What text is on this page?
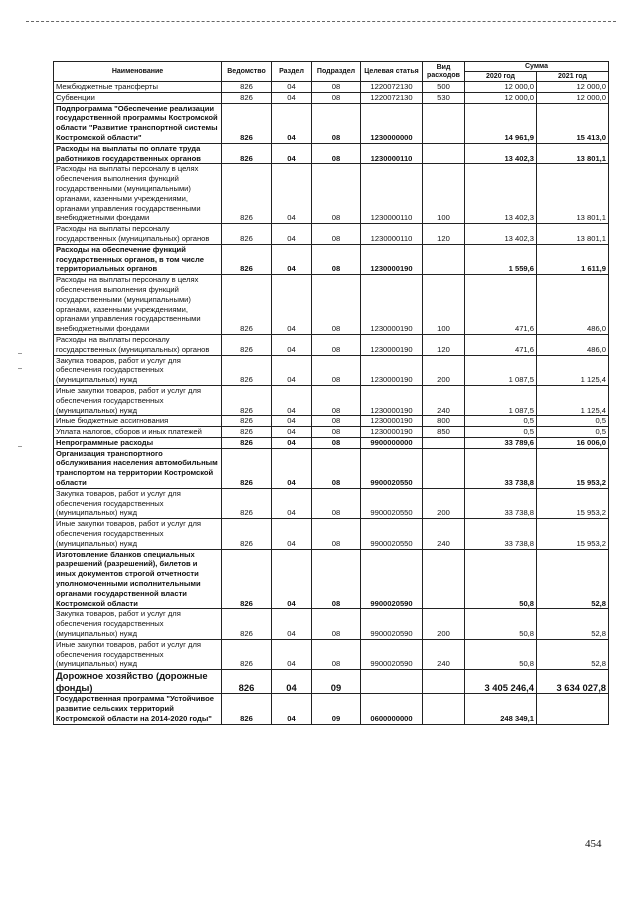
Наименование	Ведомство	Раздел	Подраздел	Целевая статья	Вид расходов	Сумма	
						2020 год	2021 год
Межбюджетные трансферты	826	04	08	1220072130	500	12 000,0	12 000,0
Субвенции	826	04	08	1220072130	530	12 000,0	12 000,0
Подпрограмма "Обеспечение реализации государственной программы Костромской области "Развитие транспортной системы Костромской области"	826	04	08	1230000000		14 961,9	15 413,0
Расходы на выплаты по оплате труда работников государственных органов	826	04	08	1230000110		13 402,3	13 801,1
Расходы на выплаты персоналу в целях обеспечения выполнения функций государственными (муниципальными) органами, казенными учреждениями, органами управления государственными внебюджетными фондами	826	04	08	1230000110	100	13 402,3	13 801,1
Расходы на выплаты персоналу государственных (муниципальных) органов	826	04	08	1230000110	120	13 402,3	13 801,1
Расходы на обеспечение функций государственных органов, в том числе территориальных органов	826	04	08	1230000190		1 559,6	1 611,9
Расходы на выплаты персоналу в целях обеспечения выполнения функций государственными (муниципальными) органами, казенными учреждениями, органами управления государственными внебюджетными фондами	826	04	08	1230000190	100	471,6	486,0
Расходы на выплаты персоналу государственных (муниципальных) органов	826	04	08	1230000190	120	471,6	486,0
Закупка товаров, работ и услуг для обеспечения государственных (муниципальных) нужд	826	04	08	1230000190	200	1 087,5	1 125,4
Иные закупки товаров, работ и услуг для обеспечения государственных (муниципальных) нужд	826	04	08	1230000190	240	1 087,5	1 125,4
Иные бюджетные ассигнования	826	04	08	1230000190	800	0,5	0,5
Уплата налогов, сборов и иных платежей	826	04	08	1230000190	850	0,5	0,5
Непрограммные расходы	826	04	08	9900000000		33 789,6	16 006,0
Организация транспортного обслуживания населения автомобильным транспортом на территории Костромской области	826	04	08	9900020550		33 738,8	15 953,2
Закупка товаров, работ и услуг для обеспечения государственных (муниципальных) нужд	826	04	08	9900020550	200	33 738,8	15 953,2
Иные закупки товаров, работ и услуг для обеспечения государственных (муниципальных) нужд	826	04	08	9900020550	240	33 738,8	15 953,2
Изготовление бланков специальных разрешений (разрешений), билетов и иных документов строгой отчетности уполномоченными исполнительными органами государственной власти Костромской области	826	04	08	9900020590		50,8	52,8
Закупка товаров, работ и услуг для обеспечения государственных (муниципальных) нужд	826	04	08	9900020590	200	50,8	52,8
Иные закупки товаров, работ и услуг для обеспечения государственных (муниципальных) нужд	826	04	08	9900020590	240	50,8	52,8
Дорожное хозяйство (дорожные фонды)	826	04	09			3 405 246,4	3 634 027,8
Государственная программа "Устойчивое развитие сельских территорий Костромской области на 2014-2020 годы"	826	04	09	0600000000		248 349,1	
454
